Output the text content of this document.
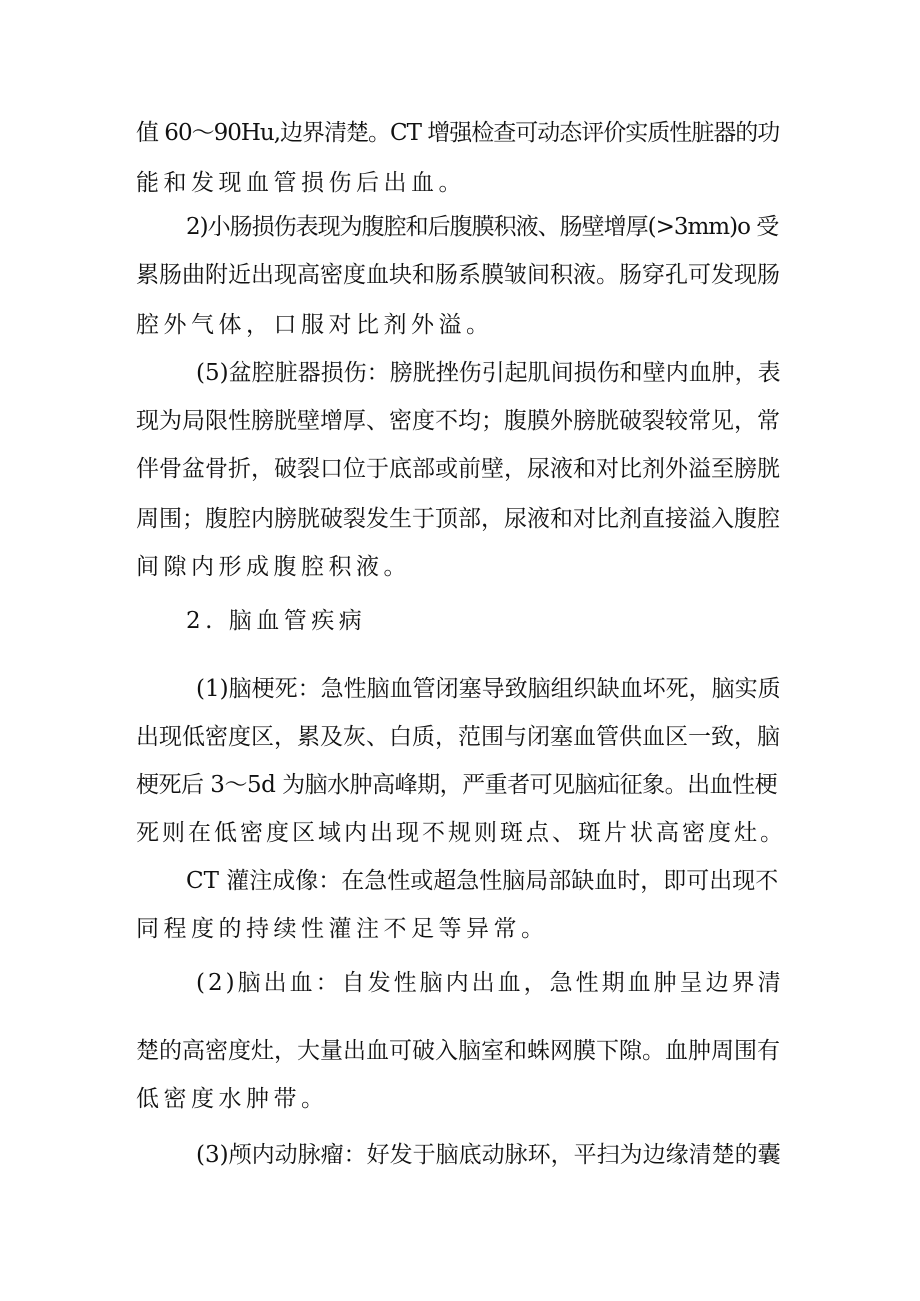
值 60～90Hu,边界清楚。CT 增强检查可动态评价实质性脏器的功
能和发现血管损伤后出血。
2)小肠损伤表现为腹腔和后腹膜积液、肠壁增厚(>3mm)o 受
累肠曲附近出现高密度血块和肠系膜皱间积液。肠穿孔可发现肠
腔外气体，口服对比剂外溢。
(5)盆腔脏器损伤：膀胱挫伤引起肌间损伤和壁内血肿，表
现为局限性膀胱壁增厚、密度不均；腹膜外膀胱破裂较常见，常
伴骨盆骨折，破裂口位于底部或前壁，尿液和对比剂外溢至膀胱
周围；腹腔内膀胱破裂发生于顶部，尿液和对比剂直接溢入腹腔
间隙内形成腹腔积液。
2. 脑血管疾病
(1)脑梗死：急性脑血管闭塞导致脑组织缺血坏死，脑实质
出现低密度区，累及灰、白质，范围与闭塞血管供血区一致，脑
梗死后 3～5d 为脑水肿高峰期，严重者可见脑疝征象。出血性梗
死则在低密度区域内出现不规则斑点、斑片状高密度灶。
CT 灌注成像：在急性或超急性脑局部缺血时，即可出现不
同程度的持续性灌注不足等异常。
(2)脑出血：自发性脑内出血，急性期血肿呈边界清
楚的高密度灶，大量出血可破入脑室和蛛网膜下隙。血肿周围有
低密度水肿带。
(3)颅内动脉瘤：好发于脑底动脉环，平扫为边缘清楚的囊
